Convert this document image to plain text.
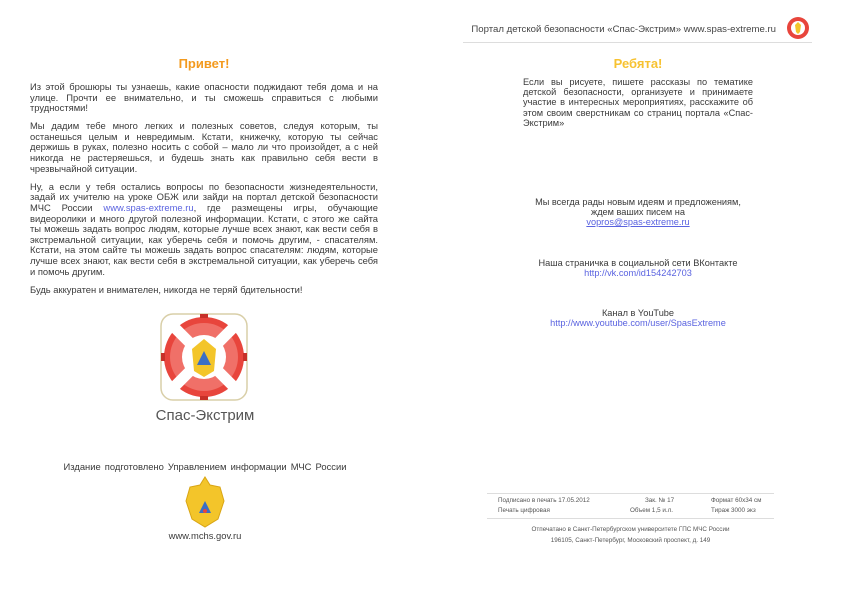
Привет!

Из этой брошюры ты узнаешь, какие опасности поджидают тебя дома и на улице. Прочти ее внимательно, и ты сможешь справиться с любыми трудностями!

Мы дадим тебе много легких и полезных советов, следуя которым, ты останешься целым и невредимым. Кстати, книжечку, которую ты сейчас держишь в руках, полезно носить с собой – мало ли что произойдет, а с ней никогда не растеряешься, и будешь знать как правильно себя вести в чрезвычайной ситуации.

Ну, а если у тебя остались вопросы по безопасности жизнедеятельности, задай их учителю на уроке ОБЖ или зайди на портал детской безопасности МЧС России www.spas-extreme.ru, где размещены игры, обучающие видеоролики и много другой полезной информации. Кстати, с этого же сайта ты можешь задать вопрос людям, которые лучше всех знают, как вести себя в экстремальной ситуации, как уберечь себя и помочь другим, - спасателям. Кстати, на этом сайте ты можешь задать вопрос спасателям: людям, которые лучше всех знают, как вести себя в экстремальной ситуации, как уберечь себя и помочь другим.

Будь аккуратен и внимателен, никогда не теряй бдительности!

Спас-Экстрим
Издание подготовлено Управлением информации МЧС России
www.mchs.gov.ru
Портал детской безопасности «Спас-Экстрим» www.spas-extreme.ru
Ребята!
Если вы рисуете, пишете рассказы по тематике детской безопасности, организуете и принимаете участие в интересных мероприятиях, расскажите об этом своим сверстникам со страниц портала «Спас-Экстрим»
Мы всегда рады новым идеям и предложениям,
ждем ваших писем на
vopros@spas-extreme.ru
Наша страничка в социальной сети ВКонтакте
http://vk.com/id154242703
Канал в YouTube
http://www.youtube.com/user/SpasExtreme
Подписано в печать 17.05.2012	Зак. № 17	Формат 60х34 см
Печать цифровая	Объем 1,5 и.л.	Тираж 3000 экз
Отпечатано в Санкт-Петербургском университете ГПС МЧС России
196105, Санкт-Петербург, Московский проспект, д. 149
